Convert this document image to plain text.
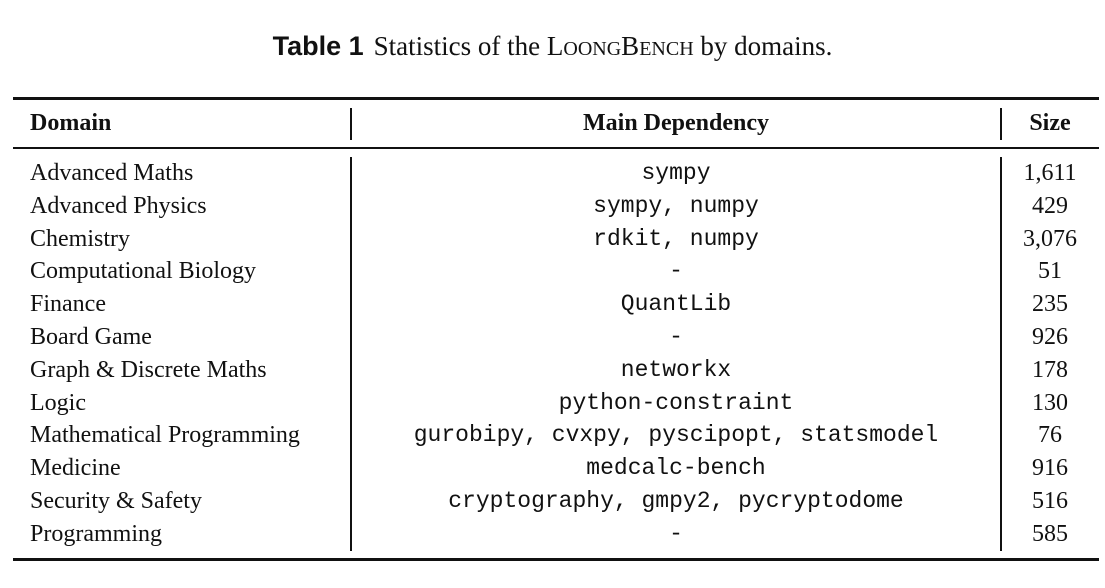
Table 1 Statistics of the LOONGBENCH by domains.
Domain	Main Dependency	Size
Advanced Maths	sympy	1,611
Advanced Physics	sympy, numpy	429
Chemistry	rdkit, numpy	3,076
Computational Biology	-	51
Finance	QuantLib	235
Board Game	-	926
Graph & Discrete Maths	networkx	178
Logic	python-constraint	130
Mathematical Programming	gurobipy, cvxpy, pyscipopt, statsmodel	76
Medicine	medcalc-bench	916
Security & Safety	cryptography, gmpy2, pycryptodome	516
Programming	-	585
